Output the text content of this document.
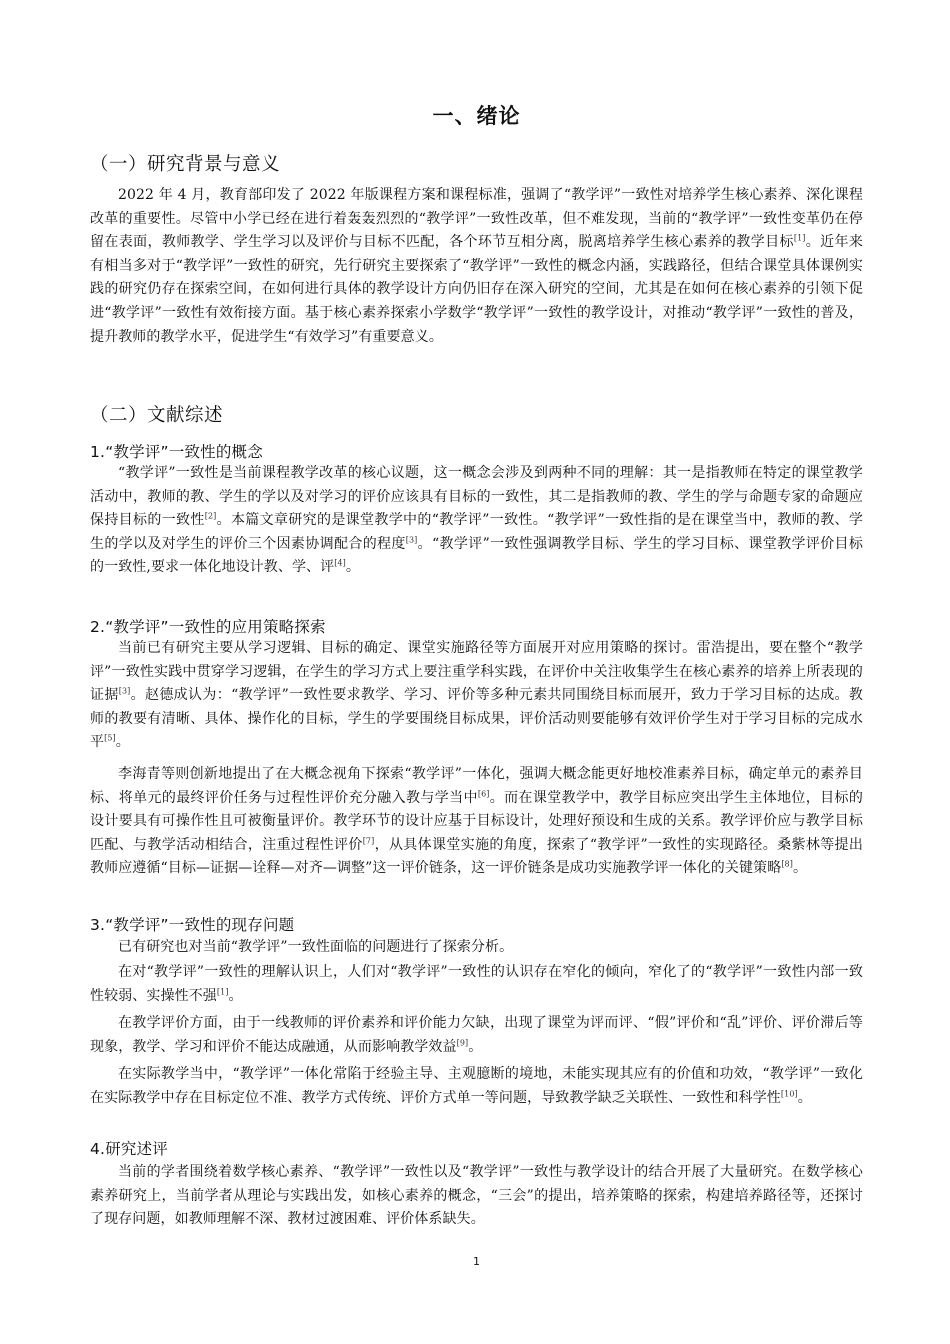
一、绪论
（一）研究背景与意义

2022 年 4 月，教育部印发了 2022 年版课程方案和课程标准，强调了“教学评”一致性对培养学生核心素养、深化课程改革的重要性。尽管中小学已经在进行着轰轰烈烈的“教学评”一致性改革，但不难发现，当前的“教学评”一致性变革仍在停留在表面，教师教学、学生学习以及评价与目标不匹配，各个环节互相分离，脱离培养学生核心素养的教学目标[1]。近年来有相当多对于“教学评”一致性的研究，先行研究主要探索了“教学评”一致性的概念内涵，实践路径，但结合课堂具体课例实践的研究仍存在探索空间，在如何进行具体的教学设计方向仍旧存在深入研究的空间，尤其是在如何在核心素养的引领下促进“教学评”一致性有效衔接方面。基于核心素养探索小学数学“教学评”一致性的教学设计，对推动“教学评”一致性的普及，提升教师的教学水平，促进学生“有效学习”有重要意义。

（二）文献综述
1.“教学评”一致性的概念

“教学评”一致性是当前课程教学改革的核心议题，这一概念会涉及到两种不同的理解：其一是指教师在特定的课堂教学活动中，教师的教、学生的学以及对学习的评价应该具有目标的一致性，其二是指教师的教、学生的学与命题专家的命题应保持目标的一致性[2]。本篇文章研究的是课堂教学中的“教学评”一致性。“教学评”一致性指的是在课堂当中，教师的教、学生的学以及对学生的评价三个因素协调配合的程度[3]。“教学评”一致性强调教学目标、学生的学习目标、课堂教学评价目标的一致性,要求一体化地设计教、学、评[4]。

2.“教学评”一致性的应用策略探索

当前已有研究主要从学习逻辑、目标的确定、课堂实施路径等方面展开对应用策略的探讨。雷浩提出，要在整个“教学评”一致性实践中贯穿学习逻辑，在学生的学习方式上要注重学科实践，在评价中关注收集学生在核心素养的培养上所表现的证据[3]。赵德成认为：“教学评”一致性要求教学、学习、评价等多种元素共同围绕目标而展开，致力于学习目标的达成。教师的教要有清晰、具体、操作化的目标，学生的学要围绕目标成果，评价活动则要能够有效评价学生对于学习目标的完成水平[5]。

李海青等则创新地提出了在大概念视角下探索“教学评”一体化，强调大概念能更好地校准素养目标，确定单元的素养目标、将单元的最终评价任务与过程性评价充分融入教与学当中[6]。而在课堂教学中，教学目标应突出学生主体地位，目标的设计要具有可操作性且可被衡量评价。教学环节的设计应基于目标设计，处理好预设和生成的关系。教学评价应与教学目标匹配、与教学活动相结合，注重过程性评价[7]，从具体课堂实施的角度，探索了“教学评”一致性的实现路径。桑紫林等提出教师应遵循“目标—证据—诠释—对齐—调整”这一评价链条，这一评价链条是成功实施教学评一体化的关键策略[8]。

3.“教学评”一致性的现存问题

已有研究也对当前“教学评”一致性面临的问题进行了探索分析。

在对“教学评”一致性的理解认识上，人们对“教学评”一致性的认识存在窄化的倾向，窄化了的“教学评”一致性内部一致性较弱、实操性不强[1]。

在教学评价方面，由于一线教师的评价素养和评价能力欠缺，出现了课堂为评而评、“假”评价和“乱”评价、评价滞后等现象，教学、学习和评价不能达成融通，从而影响教学效益[9]。

在实际教学当中，“教学评”一体化常陷于经验主导、主观臆断的境地，未能实现其应有的价值和功效，“教学评”一致化在实际教学中存在目标定位不准、教学方式传统、评价方式单一等问题，导致教学缺乏关联性、一致性和科学性[10]。

4.研究述评

当前的学者围绕着数学核心素养、“教学评”一致性以及“教学评”一致性与教学设计的结合开展了大量研究。在数学核心素养研究上，当前学者从理论与实践出发，如核心素养的概念，“三会”的提出，培养策略的探索，构建培养路径等，还探讨了现存问题，如教师理解不深、教材过渡困难、评价体系缺失。

1
